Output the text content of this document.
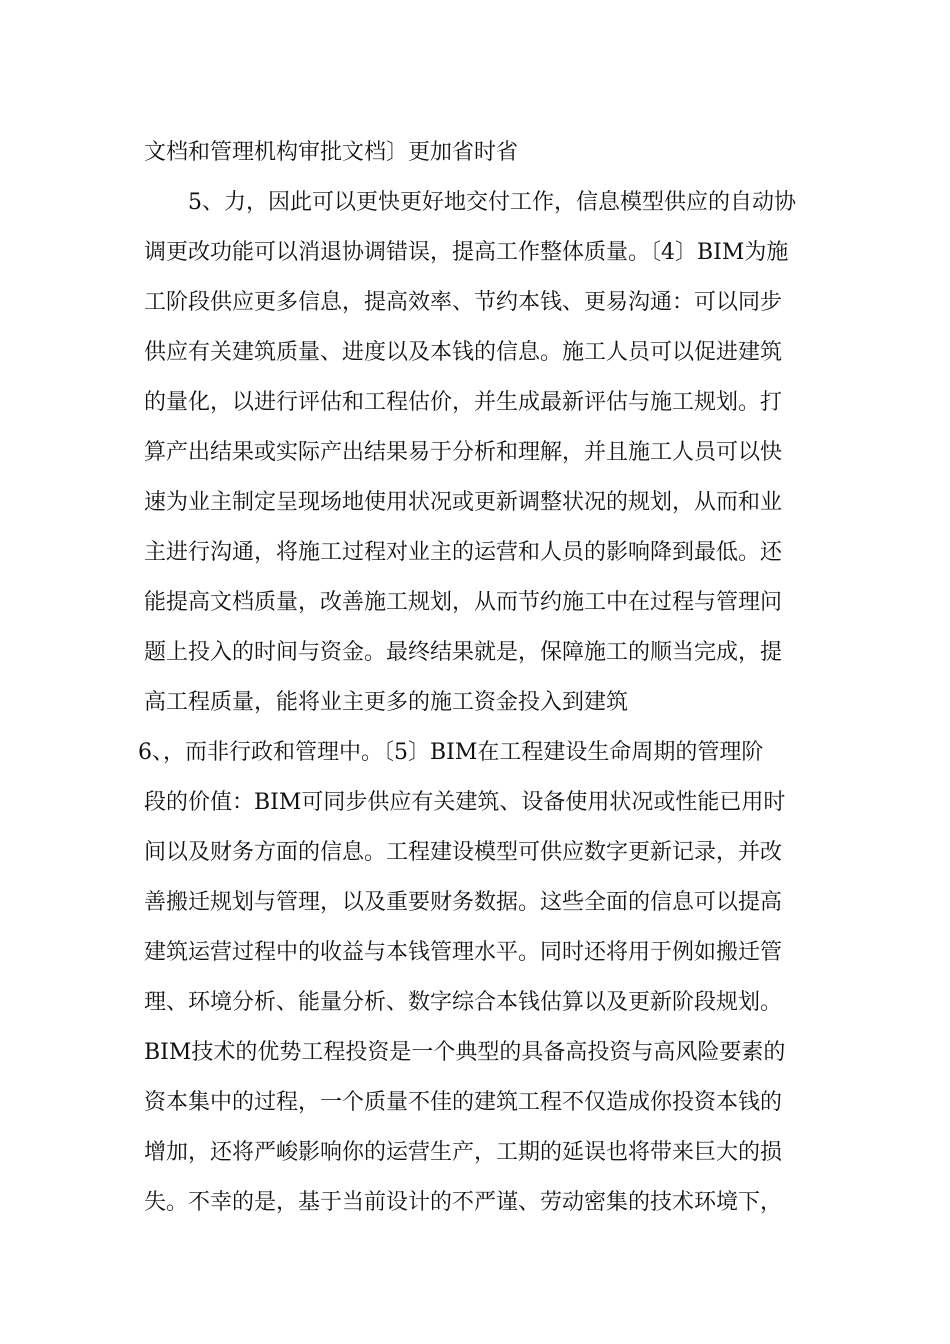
文档和管理机构审批文档〕更加省时省
5、力，因此可以更快更好地交付工作，信息模型供应的自动协
调更改功能可以消退协调错误，提高工作整体质量。〔4〕BIM为施
工阶段供应更多信息，提高效率、节约本钱、更易沟通：可以同步
供应有关建筑质量、进度以及本钱的信息。施工人员可以促进建筑
的量化，以进行评估和工程估价，并生成最新评估与施工规划。打
算产出结果或实际产出结果易于分析和理解，并且施工人员可以快
速为业主制定呈现场地使用状况或更新调整状况的规划，从而和业
主进行沟通，将施工过程对业主的运营和人员的影响降到最低。还
能提高文档质量，改善施工规划，从而节约施工中在过程与管理问
题上投入的时间与资金。最终结果就是，保障施工的顺当完成，提
高工程质量，能将业主更多的施工资金投入到建筑
6、，而非行政和管理中。〔5〕BIM在工程建设生命周期的管理阶
段的价值：BIM可同步供应有关建筑、设备使用状况或性能已用时
间以及财务方面的信息。工程建设模型可供应数字更新记录，并改
善搬迁规划与管理，以及重要财务数据。这些全面的信息可以提高
建筑运营过程中的收益与本钱管理水平。同时还将用于例如搬迁管
理、环境分析、能量分析、数字综合本钱估算以及更新阶段规划。
BIM技术的优势工程投资是一个典型的具备高投资与高风险要素的
资本集中的过程，一个质量不佳的建筑工程不仅造成你投资本钱的
增加，还将严峻影响你的运营生产，工期的延误也将带来巨大的损
失。不幸的是，基于当前设计的不严谨、劳动密集的技术环境下，
